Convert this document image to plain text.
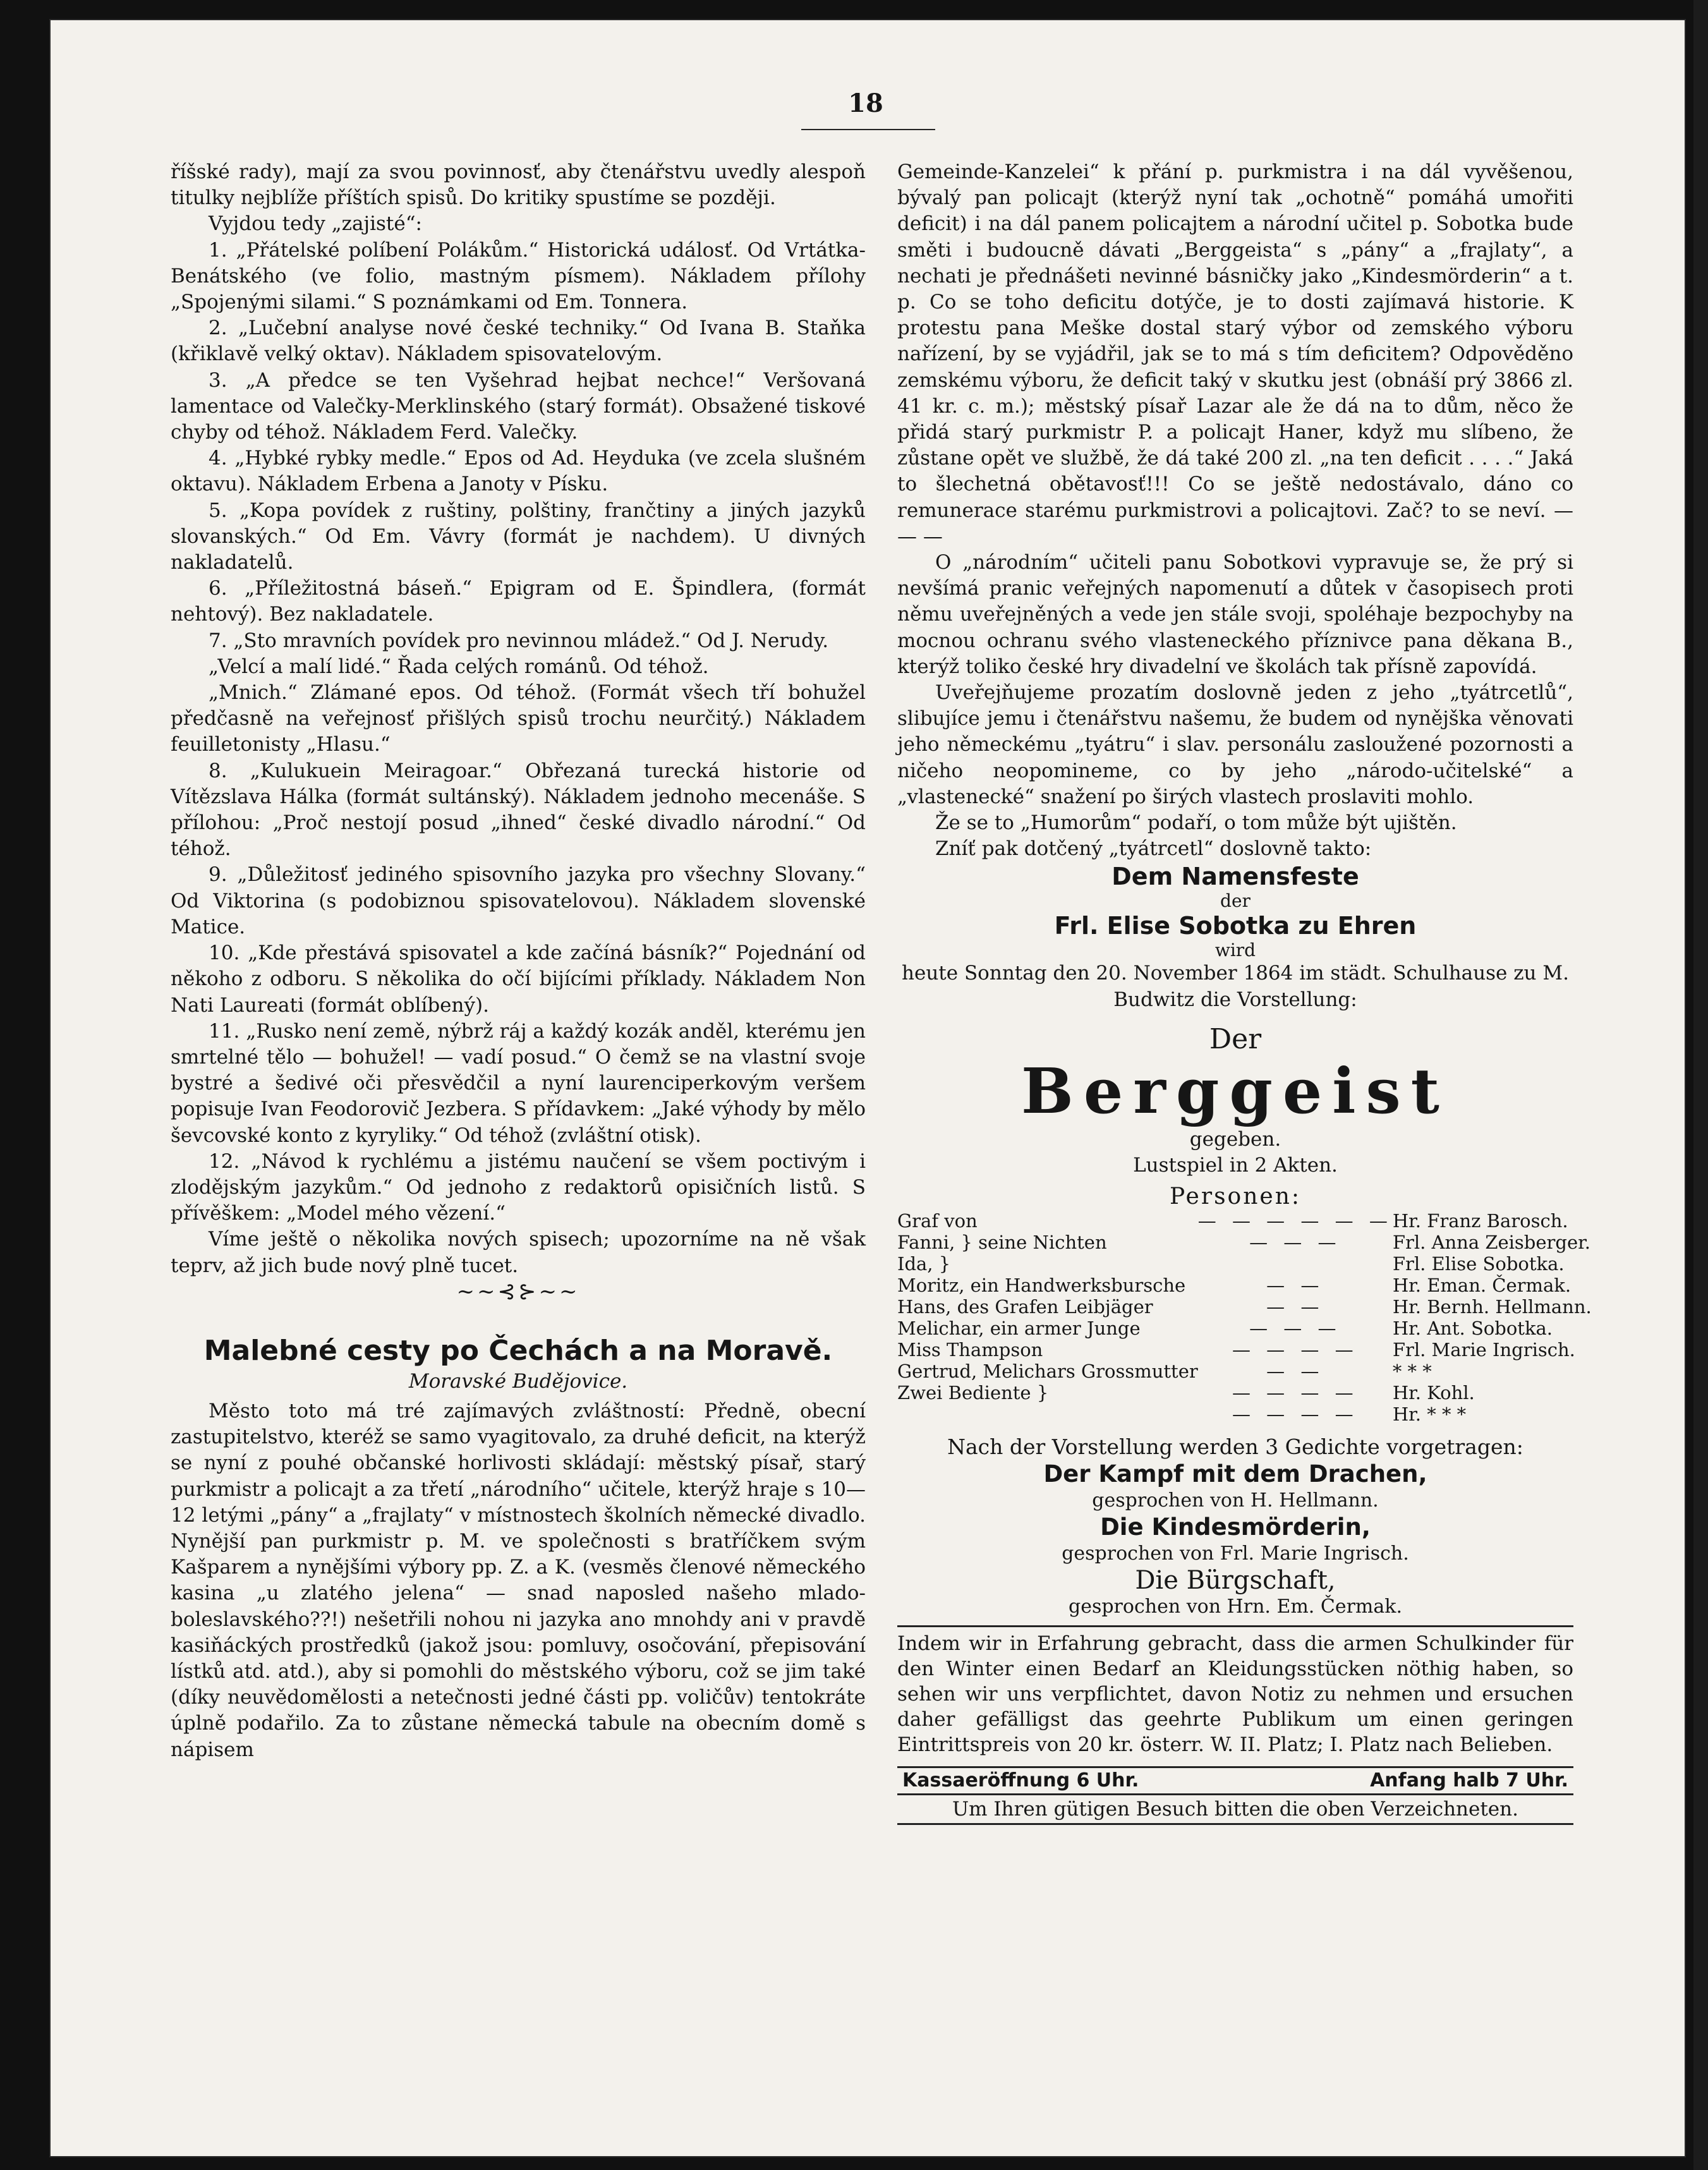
18

říšské rady), mají za svou povinnosť, aby čtenářstvu uvedly alespoň titulky nejblíže příštích spisů. Do kritiky spustíme se později.

Vyjdou tedy „zajisté“:

1. „Přátelské políbení Polákům.“ Historická událosť. Od Vrtátka-Benátského (ve folio, mastným písmem). Nákladem přílohy „Spojenými silami.“ S poznámkami od Em. Tonnera.

2. „Lučební analyse nové české techniky.“ Od Ivana B. Staňka (křiklavě velký oktav). Nákladem spisovatelovým.

3. „A předce se ten Vyšehrad hejbat nechce!“ Veršovaná lamentace od Valečky-Merklinského (starý formát). Obsažené tiskové chyby od téhož. Nákladem Ferd. Valečky.

4. „Hybké rybky medle.“ Epos od Ad. Heyduka (ve zcela slušném oktavu). Nákladem Erbena a Janoty v Písku.

5. „Kopa povídek z ruštiny, polštiny, frančtiny a jiných jazyků slovanských.“ Od Em. Vávry (formát je nachdem). U divných nakladatelů.

6. „Příležitostná báseň.“ Epigram od E. Špindlera, (formát nehtový). Bez nakladatele.

7. „Sto mravních povídek pro nevinnou mládež.“ Od J. Nerudy.

„Velcí a malí lidé.“ Řada celých románů. Od téhož.

„Mnich.“ Zlámané epos. Od téhož. (Formát všech tří bohužel předčasně na veřejnosť přišlých spisů trochu neurčitý.) Nákladem feuilletonisty „Hlasu.“

8. „Kulukuein Meiragoar.“ Obřezaná turecká historie od Vítězslava Hálka (formát sultánský). Nákladem jednoho mecenáše. S přílohou: „Proč nestojí posud „ihned“ české divadlo národní.“ Od téhož.

9. „Důležitosť jediného spisovního jazyka pro všechny Slovany.“ Od Viktorina (s podobiznou spisovatelovou). Nákladem slovenské Matice.

10. „Kde přestává spisovatel a kde začíná básník?“ Pojednání od někoho z odboru. S několika do očí bijícími příklady. Nákladem Non Nati Laureati (formát oblíbený).

11. „Rusko není země, nýbrž ráj a každý kozák anděl, kterému jen smrtelné tělo — bohužel! — vadí posud.“ O čemž se na vlastní svoje bystré a šedivé oči přesvědčil a nyní laurenciperkovým veršem popisuje Ivan Feodorovič Jezbera. S přídavkem: „Jaké výhody by mělo ševcovské konto z kyryliky.“ Od téhož (zvláštní otisk).

12. „Návod k rychlému a jistému naučení se všem poctivým i zlodějským jazykům.“ Od jednoho z redaktorů opisičních listů. S přívěškem: „Model mého vězení.“

Víme ještě o několika nových spisech; upozorníme na ně však teprv, až jich bude nový plně tucet.

~~⊰⊱~~
Malebné cesty po Čechách a na Moravě.
Moravské Budějovice.

Město toto má tré zajímavých zvláštností: Předně, obecní zastupitelstvo, kteréž se samo vyagitovalo, za druhé deficit, na kterýž se nyní z pouhé občanské horlivosti skládají: městský písař, starý purkmistr a policajt a za třetí „národního“ učitele, kterýž hraje s 10—12 letými „pány“ a „frajlaty“ v místnostech školních německé divadlo. Nynější pan purkmistr p. M. ve společnosti s bratříčkem svým Kašparem a nynějšími výbory pp. Z. a K. (vesměs členové německého kasina „u zlatého jelena“ — snad naposled našeho mlado-boleslavského??!) nešetřili nohou ni jazyka ano mnohdy ani v pravdě kasiňáckých prostředků (jakož jsou: pomluvy, osočování, přepisování lístků atd. atd.), aby si pomohli do městského výboru, což se jim také (díky neuvědomělosti a netečnosti jedné části pp. voličův) tentokráte úplně podařilo. Za to zůstane německá tabule na obecním domě s nápisem

Gemeinde-Kanzelei“ k přání p. purkmistra i na dál vyvěšenou, bývalý pan policajt (kterýž nyní tak „ochotně“ pomáhá umořiti deficit) i na dál panem policajtem a národní učitel p. Sobotka bude směti i budoucně dávati „Berggeista“ s „pány“ a „frajlaty“, a nechati je přednášeti nevinné básničky jako „Kindesmörderin“ a t. p. Co se toho deficitu dotýče, je to dosti zajímavá historie. K protestu pana Meške dostal starý výbor od zemského výboru nařízení, by se vyjádřil, jak se to má s tím deficitem? Odpověděno zemskému výboru, že deficit taký v skutku jest (obnáší prý 3866 zl. 41 kr. c. m.); městský písař Lazar ale že dá na to dům, něco že přidá starý purkmistr P. a policajt Haner, když mu slíbeno, že zůstane opět ve službě, že dá také 200 zl. „na ten deficit . . . .“ Jaká to šlechetná obětavosť!!! Co se ještě nedostávalo, dáno co remunerace starému purkmistrovi a policajtovi. Zač? to se neví. — — —

O „národním“ učiteli panu Sobotkovi vypravuje se, že prý si nevšímá pranic veřejných napomenutí a důtek v časopisech proti němu uveřejněných a vede jen stále svoji, spoléhaje bezpochyby na mocnou ochranu svého vlasteneckého příznivce pana děkana B., kterýž toliko české hry divadelní ve školách tak přísně zapovídá.

Uveřejňujeme prozatím doslovně jeden z jeho „tyátrcetlů“, slibujíce jemu i čtenářstvu našemu, že budem od nynějška věnovati jeho německému „tyátru“ i slav. personálu zasloužené pozornosti a ničeho neopomineme, co by jeho „národo-učitelské“ a „vlastenecké“ snažení po širých vlastech proslaviti mohlo.

Že se to „Humorům“ podaří, o tom může být ujištěn.

Zníť pak dotčený „tyátrcetl“ doslovně takto:

Dem Namensfeste
der
Frl. Elise Sobotka zu Ehren
wird
heute Sonntag den 20. November 1864 im städt. Schulhause zu M. Budwitz die Vorstellung:
Der
Berggeist
gegeben.
Lustspiel in 2 Akten.
Personen:
Graf von	— — — — — —	Hr. Franz Barosch.
Fanni, } seine Nichten	— — —	Frl. Anna Zeisberger.
Ida, }		Frl. Elise Sobotka.
Moritz, ein Handwerksbursche	— —	Hr. Eman. Čermak.
Hans, des Grafen Leibjäger	— —	Hr. Bernh. Hellmann.
Melichar, ein armer Junge	— — —	Hr. Ant. Sobotka.
Miss Thampson	— — — —	Frl. Marie Ingrisch.
Gertrud, Melichars Grossmutter	— —	* * *
Zwei Bediente }	— — — —	Hr. Kohl.
	— — — —	Hr. * * *
Nach der Vorstellung werden 3 Gedichte vorgetragen:
Der Kampf mit dem Drachen,
gesprochen von H. Hellmann.
Die Kindesmörderin,
gesprochen von Frl. Marie Ingrisch.
Die Bürgschaft,
gesprochen von Hrn. Em. Čermak.
Indem wir in Erfahrung gebracht, dass die armen Schulkinder für den Winter einen Bedarf an Kleidungsstücken nöthig haben, so sehen wir uns verpflichtet, davon Notiz zu nehmen und ersuchen daher gefälligst das geehrte Publikum um einen geringen Eintrittspreis von 20 kr. österr. W. II. Platz; I. Platz nach Belieben.
Kassaeröffnung 6 Uhr.	Anfang halb 7 Uhr.
Um Ihren gütigen Besuch bitten die oben Verzeichneten.
